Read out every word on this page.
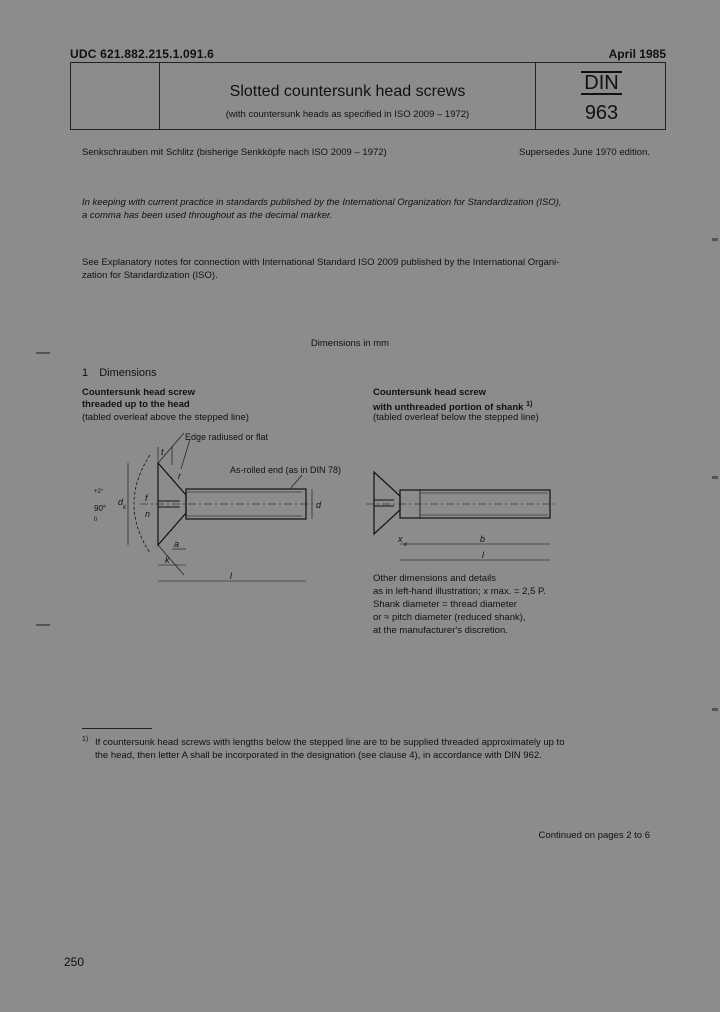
UDC 621.882.215.1.091.6	April 1985
Slotted countersunk head screws
(with countersunk heads as specified in ISO 2009 – 1972)
DIN
963
Senkschrauben mit Schlitz (bisherige Senkköpfe nach ISO 2009 – 1972)	Supersedes June 1970 edition.
In keeping with current practice in standards published by the International Organization for Standardization (ISO),
a comma has been used throughout as the decimal marker.
See Explanatory notes for connection with International Standard ISO 2009 published by the International Organi-
zation for Standardization (ISO).
Dimensions in mm
1 Dimensions
Countersunk head screw
threaded up to the head
(tabled overleaf above the stepped line)
Countersunk head screw
with unthreaded portion of shank $^{1)}$
(tabled overleaf below the stepped line)
Edge radiused or flat
As-rolled end (as in DIN 78)
t
r
f
n
d
k	d
a
k
l
90°
+2°
0
x
e
b
l
Other dimensions and details
as in left-hand illustration; x max. = 2,5 P.
Shank diameter = thread diameter
or ≈ pitch diameter (reduced shank),
at the manufacturer's discretion.
$^{1)}$ If countersunk head screws with lengths below the stepped line are to be supplied threaded approximately up to
the head, then letter A shall be incorporated in the designation (see clause 4), in accordance with DIN 962.
Continued on pages 2 to 6
250
